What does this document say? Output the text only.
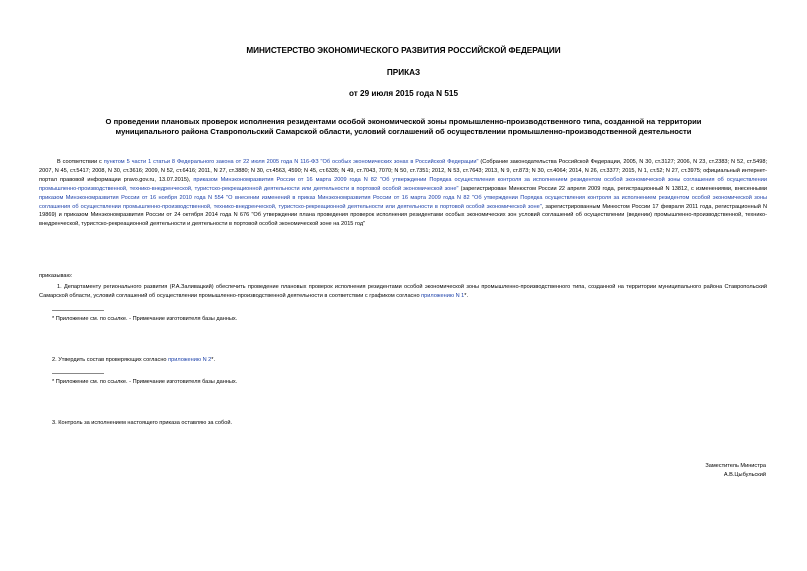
МИНИСТЕРСТВО ЭКОНОМИЧЕСКОГО РАЗВИТИЯ РОССИЙСКОЙ ФЕДЕРАЦИИ
ПРИКАЗ
от 29 июля 2015 года N 515
О проведении плановых проверок исполнения резидентами особой экономической зоны промышленно-производственного типа, созданной на территории
муниципального района Ставропольский Самарской области, условий соглашений об осуществлении промышленно-производственной деятельности
В соответствии с пунктом 5 части 1 статьи 8 Федерального закона от 22 июля 2005 года N 116-ФЗ "Об особых экономических зонах в Российской Федерации" (Собрание законодательства Российской Федерации, 2005, N 30, ст.3127; 2006, N 23, ст.2383; N 52, ст.5498; 2007, N 45, ст.5417; 2008, N 30, ст.3616; 2009, N 52, ст.6416; 2011, N 27, ст.3880; N 30, ст.4563, 4590; N 45, ст.6335; N 49, ст.7043, 7070; N 50, ст.7351; 2012, N 53, ст.7643; 2013, N 9, ст.873; N 30, ст.4064; 2014, N 26, ст.3377; 2015, N 1, ст.52; N 27, ст.3975; официальный интернет-портал правовой информации pravo.gov.ru, 13.07.2015), приказом Минэкономразвития России от 16 марта 2009 года N 82 "Об утверждении Порядка осуществления контроля за исполнением резидентом особой экономической зоны соглашения об осуществлении промышленно-производственной, технико-внедренческой, туристско-рекреационной деятельности или деятельности в портовой особой экономической зоне" (зарегистрирован Минюстом России 22 апреля 2009 года, регистрационный N 13812, с изменениями, внесенными приказом Минэкономразвития России от 16 ноября 2010 года N 554 "О внесении изменений в приказ Минэкономразвития России от 16 марта 2009 года N 82 "Об утверждении Порядка осуществления контроля за исполнением резидентом особой экономической зоны соглашения об осуществлении промышленно-производственной, технико-внедренческой, туристско-рекреационной деятельности или деятельности в портовой особой экономической зоне", зарегистрированным Минюстом России 17 февраля 2011 года, регистрационный N 19869) и приказом Минэкономразвития России от 24 октября 2014 года N 676 "Об утверждении плана проведения проверок исполнения резидентами особых экономических зон условий соглашений об осуществлении (ведении) промышленно-производственной, технико-внедренческой, туристско-рекреационной деятельности и деятельности в портовой особой экономической зоне на 2015 год"
приказываю:
1. Департаменту регионального развития (Р.А.Заливацкий) обеспечить проведение плановых проверок исполнения резидентами особой экономической зоны промышленно-производственного типа, созданной на территории муниципального района Ставропольский Самарской области, условий соглашений об осуществлении промышленно-производственной деятельности в соответствии с графиком согласно приложению N 1*.
* Приложение см. по ссылке. - Примечание изготовителя базы данных.
2. Утвердить состав проверяющих согласно приложению N 2*.
* Приложение см. по ссылке. - Примечание изготовителя базы данных.
3. Контроль за исполнением настоящего приказа оставляю за собой.
Заместитель Министра
А.В.Цыбульский
